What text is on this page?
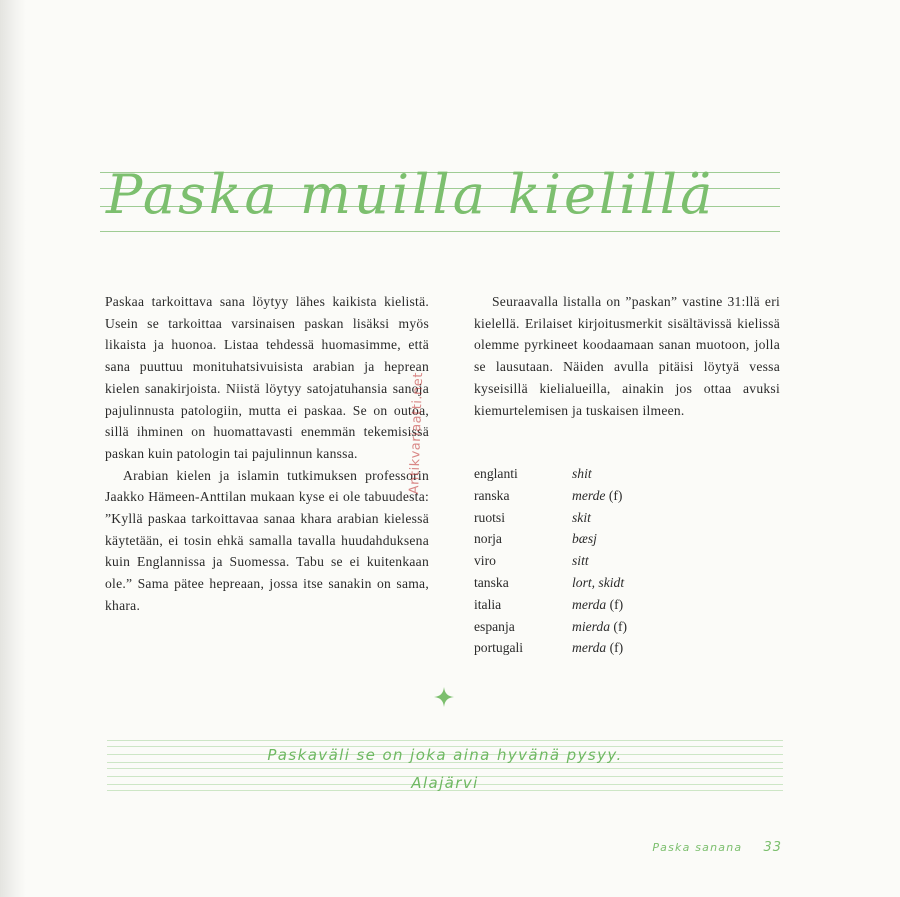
Paska muilla kielillä

Paskaa tarkoittava sana löytyy lähes kaikista kielistä. Usein se tarkoittaa varsinaisen paskan lisäksi myös likaista ja huonoa. Listaa tehdessä huomasimme, että sana puuttuu monituhatsivuisista arabian ja heprean kielen sanakirjoista. Niistä löytyy satojatuhansia sanoja pajulinnusta patologiin, mutta ei paskaa. Se on outoa, sillä ihminen on huomattavasti enemmän tekemisissä paskan kuin patologin tai pajulinnun kanssa.

Arabian kielen ja islamin tutkimuksen professorin Jaakko Hämeen-Anttilan mukaan kyse ei ole tabuudesta: ”Kyllä paskaa tarkoittavaa sanaa khara arabian kielessä käytetään, ei tosin ehkä samalla tavalla huudahduksena kuin Englannissa ja Suomessa. Tabu se ei kuitenkaan ole.” Sama pätee hepreaan, jossa itse sanakin on sama, khara.

Seuraavalla listalla on ”paskan” vastine 31:llä eri kielellä. Erilaiset kirjoitusmerkit sisältävissä kielissä olemme pyrkineet koodaamaan sanan muotoon, jolla se lausutaan. Näiden avulla pitäisi löytyä vessa kyseisillä kielialueilla, ainakin jos ottaa avuksi kiemurtelemisen ja tuskaisen ilmeen.

englanti	shit
ranska	merde (f)
ruotsi	skit
norja	bæsj
viro	sitt
tanska	lort, skidt
italia	merda (f)
espanja	mierda (f)
portugali	merda (f)
Paskaväli se on joka aina hyvänä pysyy.
Alajärvi
Paska sanana 33
Antikvariaatti.net
